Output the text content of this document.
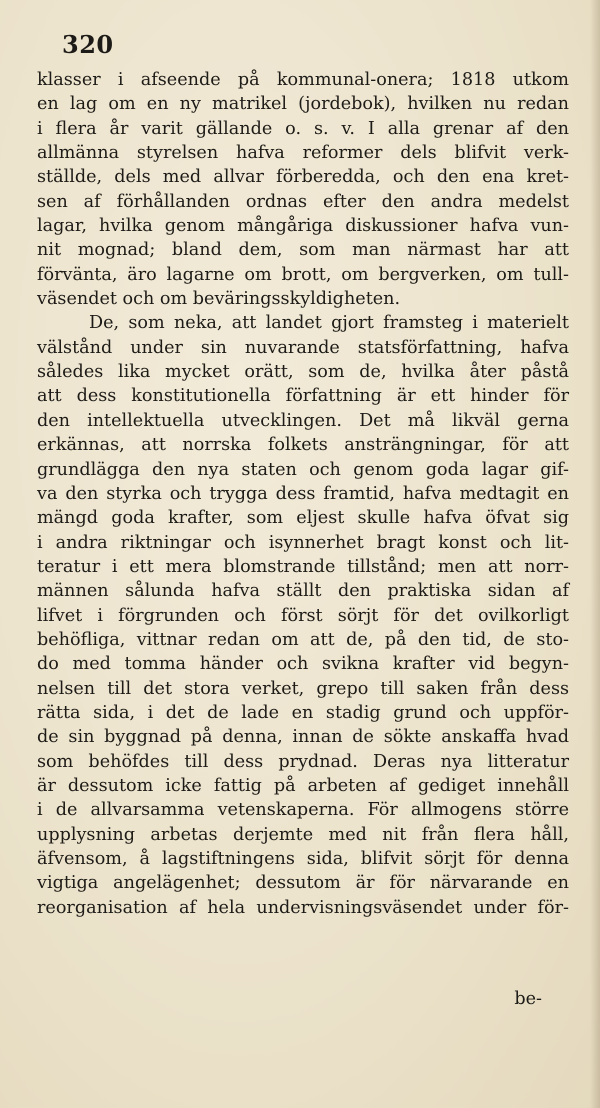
320
klasser i afseende på kommunal-onera; 1818 utkom
en lag om en ny matrikel (jordebok), hvilken nu redan
i flera år varit gällande o. s. v. I alla grenar af den
allmänna styrelsen hafva reformer dels blifvit verk-
ställde, dels med allvar förberedda, och den ena kret-
sen af förhållanden ordnas efter den andra medelst
lagar, hvilka genom mångåriga diskussioner hafva vun-
nit mognad; bland dem, som man närmast har att
förvänta, äro lagarne om brott, om bergverken, om tull-
väsendet och om beväringsskyldigheten.
De, som neka, att landet gjort framsteg i materielt
välstånd under sin nuvarande statsförfattning, hafva
således lika mycket orätt, som de, hvilka åter påstå
att dess konstitutionella författning är ett hinder för
den intellektuella utvecklingen. Det må likväl gerna
erkännas, att norrska folkets ansträngningar, för att
grundlägga den nya staten och genom goda lagar gif-
va den styrka och trygga dess framtid, hafva medtagit en
mängd goda krafter, som eljest skulle hafva öfvat sig
i andra riktningar och isynnerhet bragt konst och lit-
teratur i ett mera blomstrande tillstånd; men att norr-
männen sålunda hafva ställt den praktiska sidan af
lifvet i förgrunden och först sörjt för det ovilkorligt
behöfliga, vittnar redan om att de, på den tid, de sto-
do med tomma händer och svikna krafter vid begyn-
nelsen till det stora verket, grepo till saken från dess
rätta sida, i det de lade en stadig grund och uppför-
de sin byggnad på denna, innan de sökte anskaffa hvad
som behöfdes till dess prydnad. Deras nya litteratur
är dessutom icke fattig på arbeten af gediget innehåll
i de allvarsamma vetenskaperna. För allmogens större
upplysning arbetas derjemte med nit från flera håll,
äfvensom, å lagstiftningens sida, blifvit sörjt för denna
vigtiga angelägenhet; dessutom är för närvarande en
reorganisation af hela undervisningsväsendet under för-
be-
